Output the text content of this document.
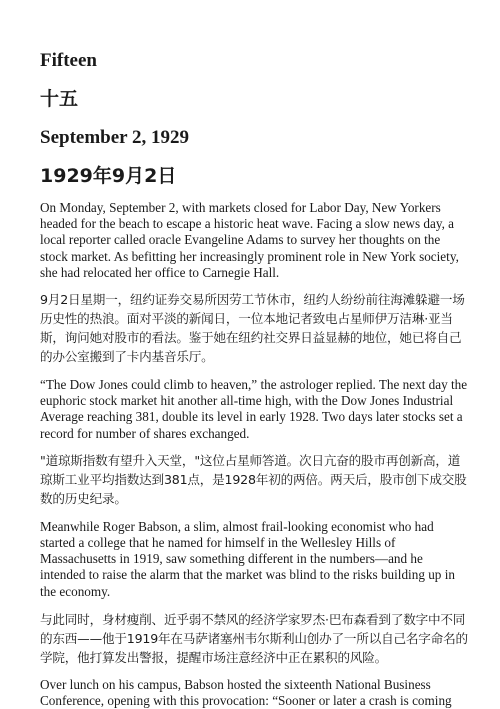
Fifteen
十五
September 2, 1929
1929年9月2日

On Monday, September 2, with markets closed for Labor Day, New Yorkers headed for the beach to escape a historic heat wave. Facing a slow news day, a local reporter called oracle Evangeline Adams to survey her thoughts on the stock market. As befitting her increasingly prominent role in New York society, she had relocated her office to Carnegie Hall.

9月2日星期一，纽约证券交易所因劳工节休市，纽约人纷纷前往海滩躲避一场历史性的热浪。面对平淡的新闻日，一位本地记者致电占星师伊万洁琳·亚当斯，询问她对股市的看法。鉴于她在纽约社交界日益显赫的地位，她已将自己的办公室搬到了卡内基音乐厅。

“The Dow Jones could climb to heaven,” the astrologer replied. The next day the euphoric stock market hit another all-time high, with the Dow Jones Industrial Average reaching 381, double its level in early 1928. Two days later stocks set a record for number of shares exchanged.

"道琼斯指数有望升入天堂，"这位占星师答道。次日亢奋的股市再创新高，道琼斯工业平均指数达到381点，是1928年初的两倍。两天后，股市创下成交股数的历史纪录。

Meanwhile Roger Babson, a slim, almost frail-looking economist who had started a college that he named for himself in the Wellesley Hills of Massachusetts in 1919, saw something different in the numbers—and he intended to raise the alarm that the market was blind to the risks building up in the economy.

与此同时，身材瘦削、近乎弱不禁风的经济学家罗杰·巴布森看到了数字中不同的东西——他于1919年在马萨诸塞州韦尔斯利山创办了一所以自己名字命名的学院，他打算发出警报，提醒市场注意经济中正在累积的风险。

Over lunch on his campus, Babson hosted the sixteenth National Business Conference, opening with this provocation: “Sooner or later a crash is coming
